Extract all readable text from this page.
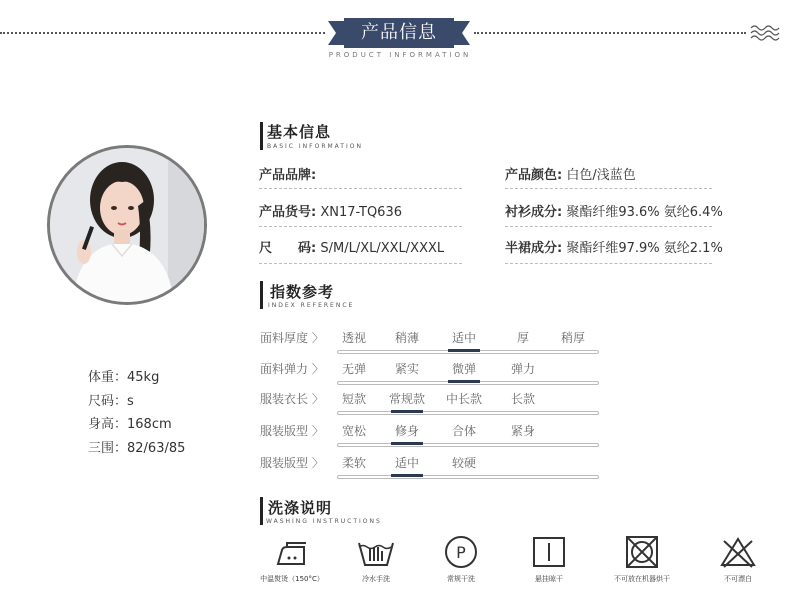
产品信息
PRODUCT INFORMATION
体重：45kg
尺码：s
身高：168cm
三围：82/63/85
基本信息
BASIC INFORMATION
产品品牌:
产品货号: XN17-TQ636
尺　　码: S/M/L/XL/XXL/XXXL
产品颜色: 白色/浅蓝色
衬衫成分: 聚酯纤维93.6% 氨纶6.4%
半裙成分: 聚酯纤维97.9% 氨纶2.1%
指数参考
INDEX REFERENCE
面料厚度 〉	透视	稍薄	适中	厚	稍厚
面料弹力 〉	无弹	紧实	微弹	弹力
服装衣长 〉	短款	常规款	中长款	长款
服装版型 〉	宽松	修身	合体	紧身
服装版型 〉	柔软	适中	较硬
洗涤说明
WASHING INSTRUCTIONS
中温熨烫（150°C）	冷水手洗
P
常规干洗	悬挂晾干	不可放在机器烘干	不可漂白
